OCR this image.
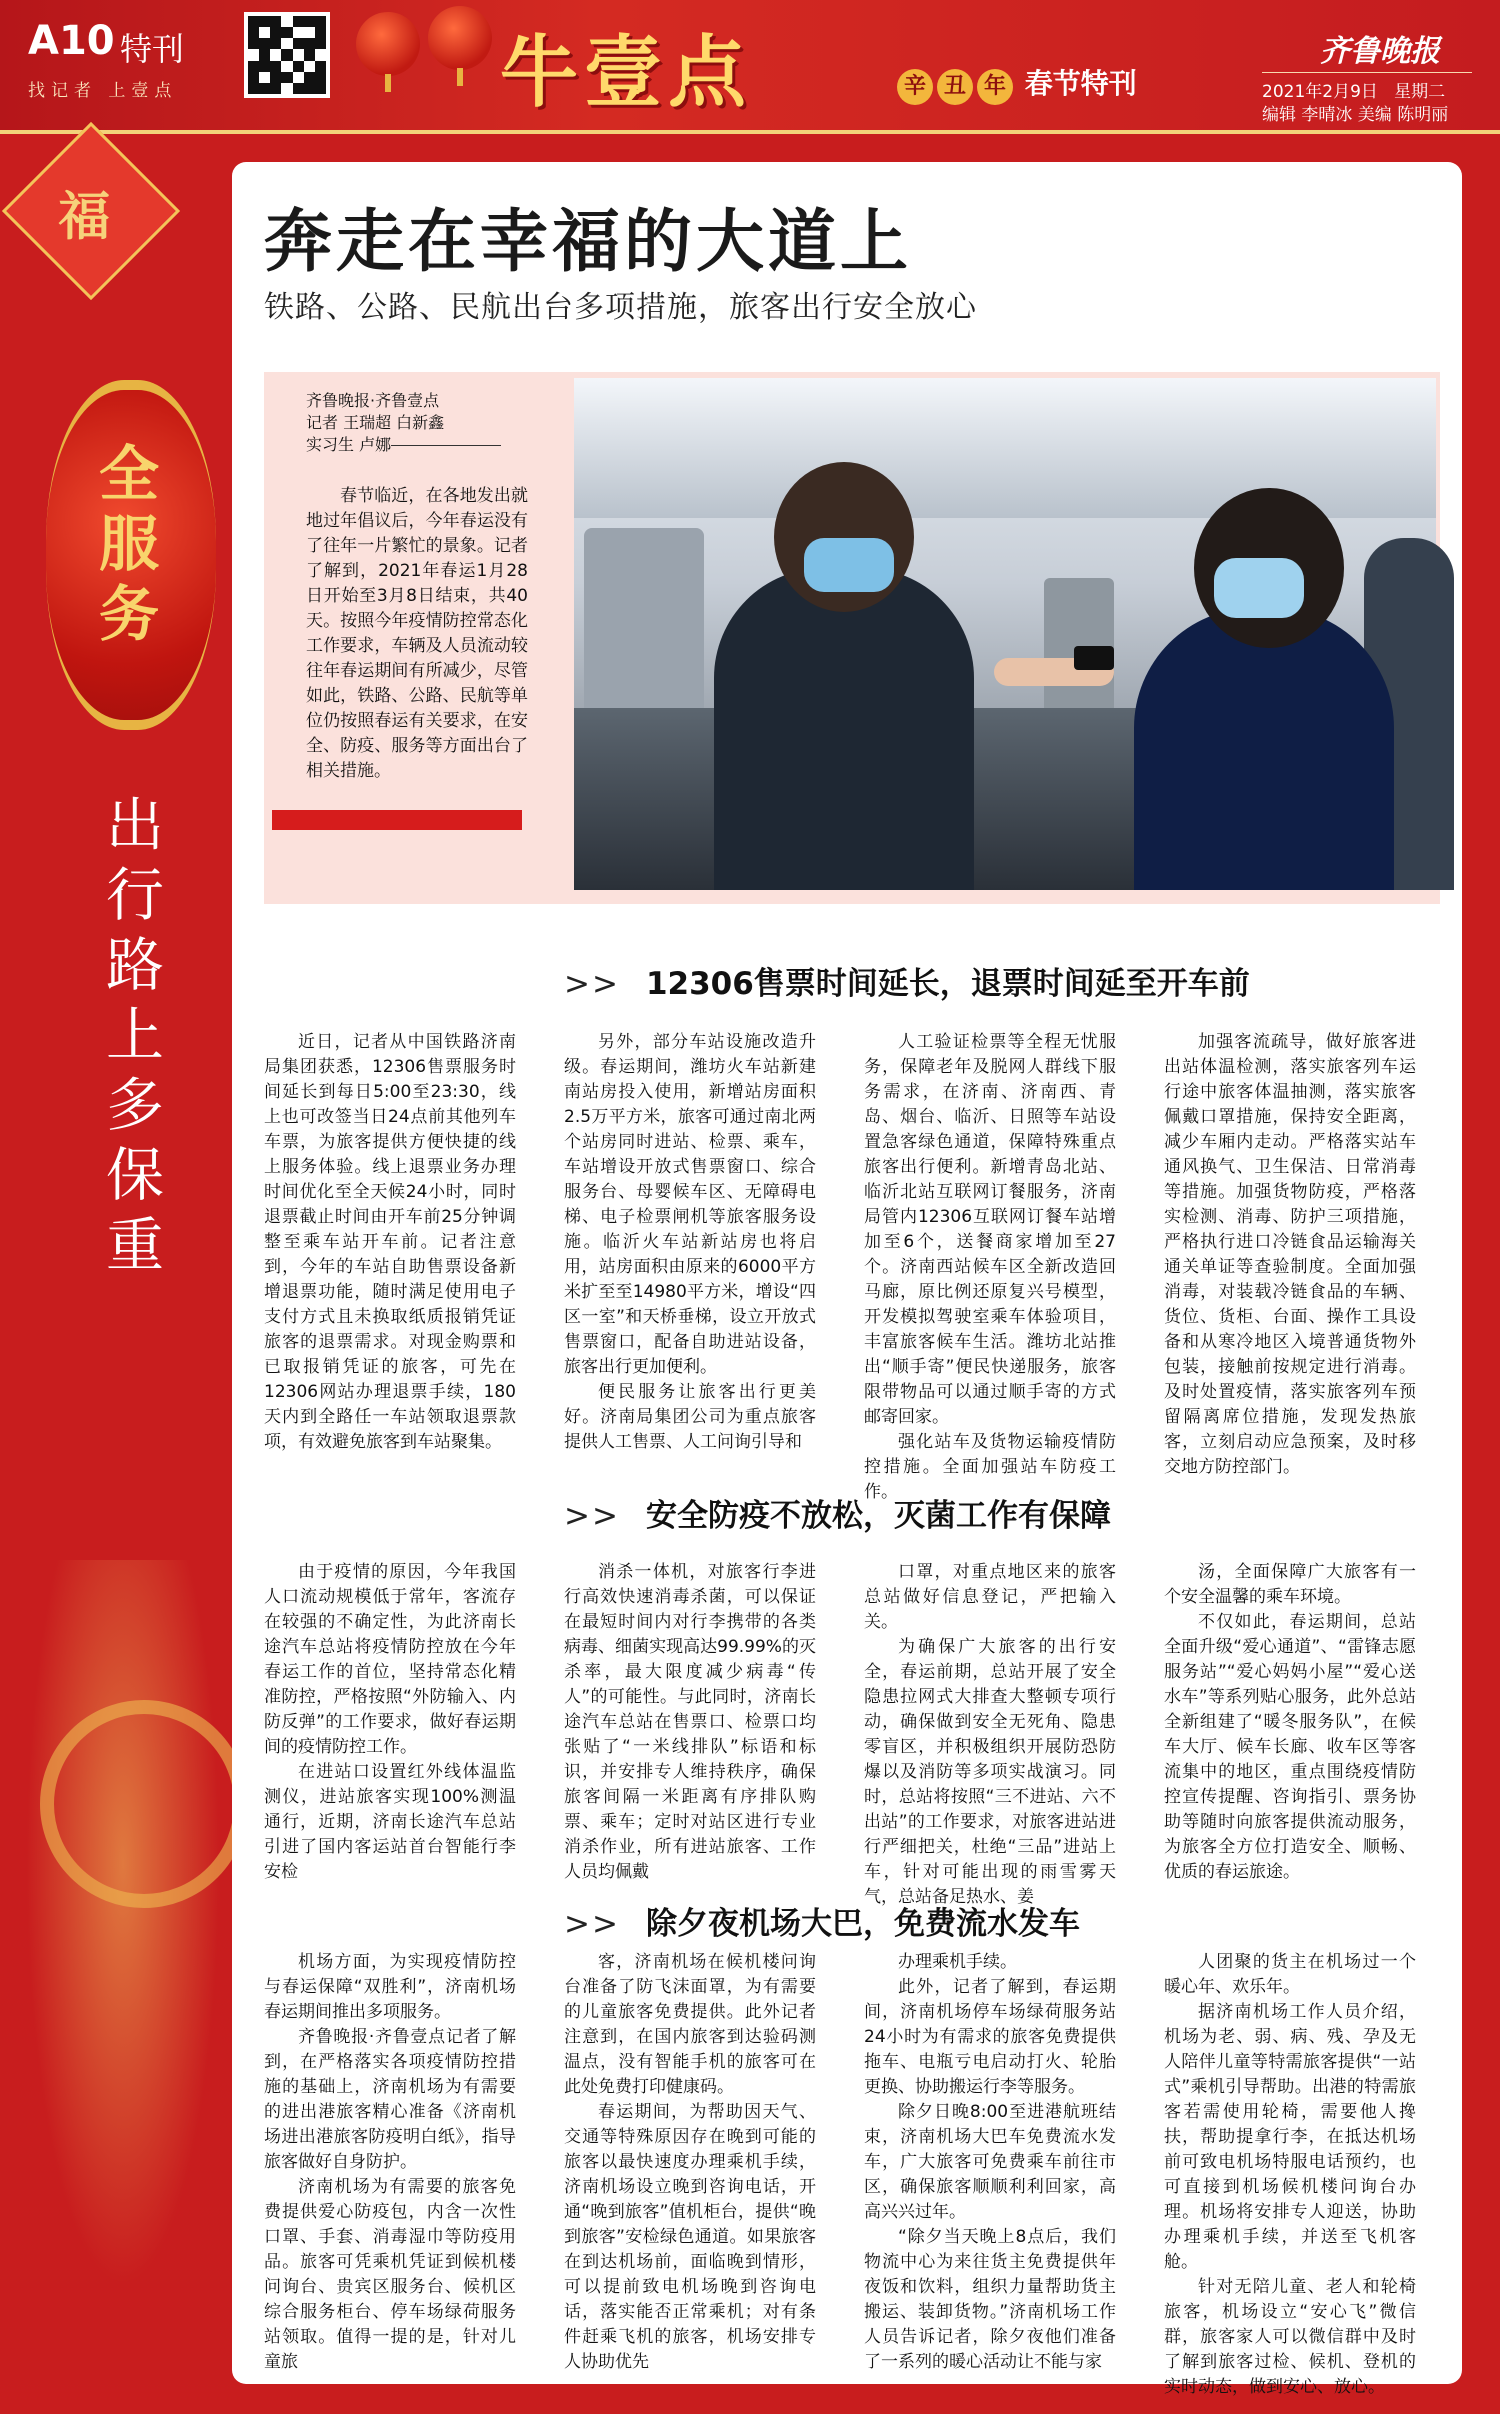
A10 特刊
找记者 上壹点	牛壹点	辛 丑 年 春节特刊
齐鲁晚报
2021年2月9日 星期二
编辑 李晴冰 美编 陈明丽
福
全服务
出行路上多保重
奔走在幸福的大道上
铁路、公路、民航出台多项措施，旅客出行安全放心
齐鲁晚报·齐鲁壹点
记者 王瑞超 白新鑫
实习生 卢娜

春节临近，在各地发出就地过年倡议后，今年春运没有了往年一片繁忙的景象。记者了解到，2021年春运1月28日开始至3月8日结束，共40天。按照今年疫情防控常态化工作要求，车辆及人员流动较往年春运期间有所减少，尽管如此，铁路、公路、民航等单位仍按照春运有关要求，在安全、防疫、服务等方面出台了相关措施。

>> 12306售票时间延长，退票时间延至开车前

近日，记者从中国铁路济南局集团获悉，12306售票服务时间延长到每日5:00至23:30，线上也可改签当日24点前其他列车车票，为旅客提供方便快捷的线上服务体验。线上退票业务办理时间优化至全天候24小时，同时退票截止时间由开车前25分钟调整至乘车站开车前。记者注意到，今年的车站自助售票设备新增退票功能，随时满足使用电子支付方式且未换取纸质报销凭证旅客的退票需求。对现金购票和已取报销凭证的旅客，可先在12306网站办理退票手续，180天内到全路任一车站领取退票款项，有效避免旅客到车站聚集。

另外，部分车站设施改造升级。春运期间，潍坊火车站新建南站房投入使用，新增站房面积2.5万平方米，旅客可通过南北两个站房同时进站、检票、乘车，车站增设开放式售票窗口、综合服务台、母婴候车区、无障碍电梯、电子检票闸机等旅客服务设施。临沂火车站新站房也将启用，站房面积由原来的6000平方米扩至至14980平方米，增设“四区一室”和天桥垂梯，设立开放式售票窗口，配备自助进站设备，旅客出行更加便利。

便民服务让旅客出行更美好。济南局集团公司为重点旅客提供人工售票、人工问询引导和

人工验证检票等全程无忧服务，保障老年及脱网人群线下服务需求，在济南、济南西、青岛、烟台、临沂、日照等车站设置急客绿色通道，保障特殊重点旅客出行便利。新增青岛北站、临沂北站互联网订餐服务，济南局管内12306互联网订餐车站增加至6个，送餐商家增加至27个。济南西站候车区全新改造回马廊，原比例还原复兴号模型，开发模拟驾驶室乘车体验项目，丰富旅客候车生活。潍坊北站推出“顺手寄”便民快递服务，旅客限带物品可以通过顺手寄的方式邮寄回家。

强化站车及货物运输疫情防控措施。全面加强站车防疫工作。

加强客流疏导，做好旅客进出站体温检测，落实旅客列车运行途中旅客体温抽测，落实旅客佩戴口罩措施，保持安全距离，减少车厢内走动。严格落实站车通风换气、卫生保洁、日常消毒等措施。加强货物防疫，严格落实检测、消毒、防护三项措施，严格执行进口冷链食品运输海关通关单证等查验制度。全面加强消毒，对装载冷链食品的车辆、货位、货柜、台面、操作工具设备和从寒冷地区入境普通货物外包装，接触前按规定进行消毒。及时处置疫情，落实旅客列车预留隔离席位措施，发现发热旅客，立刻启动应急预案，及时移交地方防控部门。

>> 安全防疫不放松，灭菌工作有保障

由于疫情的原因，今年我国人口流动规模低于常年，客流存在较强的不确定性，为此济南长途汽车总站将疫情防控放在今年春运工作的首位，坚持常态化精准防控，严格按照“外防输入、内防反弹”的工作要求，做好春运期间的疫情防控工作。

在进站口设置红外线体温监测仪，进站旅客实现100%测温通行，近期，济南长途汽车总站引进了国内客运站首台智能行李安检

消杀一体机，对旅客行李进行高效快速消毒杀菌，可以保证在最短时间内对行李携带的各类病毒、细菌实现高达99.99%的灭杀率，最大限度减少病毒“传人”的可能性。与此同时，济南长途汽车总站在售票口、检票口均张贴了“一米线排队”标语和标识，并安排专人维持秩序，确保旅客间隔一米距离有序排队购票、乘车；定时对站区进行专业消杀作业，所有进站旅客、工作人员均佩戴

口罩，对重点地区来的旅客总站做好信息登记，严把输入关。

为确保广大旅客的出行安全，春运前期，总站开展了安全隐患拉网式大排查大整顿专项行动，确保做到安全无死角、隐患零盲区，并积极组织开展防恐防爆以及消防等多项实战演习。同时，总站将按照“三不进站、六不出站”的工作要求，对旅客进站进行严细把关，杜绝“三品”进站上车，针对可能出现的雨雪雾天气，总站备足热水、姜

汤，全面保障广大旅客有一个安全温馨的乘车环境。

不仅如此，春运期间，总站全面升级“爱心通道”、“雷锋志愿服务站”“爱心妈妈小屋”“爱心送水车”等系列贴心服务，此外总站全新组建了“暖冬服务队”，在候车大厅、候车长廊、收车区等客流集中的地区，重点围绕疫情防控宣传提醒、咨询指引、票务协助等随时向旅客提供流动服务，为旅客全方位打造安全、顺畅、优质的春运旅途。

>> 除夕夜机场大巴，免费流水发车

机场方面，为实现疫情防控与春运保障“双胜利”，济南机场春运期间推出多项服务。

齐鲁晚报·齐鲁壹点记者了解到，在严格落实各项疫情防控措施的基础上，济南机场为有需要的进出港旅客精心准备《济南机场进出港旅客防疫明白纸》，指导旅客做好自身防护。

济南机场为有需要的旅客免费提供爱心防疫包，内含一次性口罩、手套、消毒湿巾等防疫用品。旅客可凭乘机凭证到候机楼问询台、贵宾区服务台、候机区综合服务柜台、停车场绿荷服务站领取。值得一提的是，针对儿童旅

客，济南机场在候机楼问询台准备了防飞沫面罩，为有需要的儿童旅客免费提供。此外记者注意到，在国内旅客到达验码测温点，没有智能手机的旅客可在此处免费打印健康码。

春运期间，为帮助因天气、交通等特殊原因存在晚到可能的旅客以最快速度办理乘机手续，济南机场设立晚到咨询电话，开通“晚到旅客”值机柜台，提供“晚到旅客”安检绿色通道。如果旅客在到达机场前，面临晚到情形，可以提前致电机场晚到咨询电话，落实能否正常乘机；对有条件赶乘飞机的旅客，机场安排专人协助优先

办理乘机手续。

此外，记者了解到，春运期间，济南机场停车场绿荷服务站24小时为有需求的旅客免费提供拖车、电瓶亏电启动打火、轮胎更换、协助搬运行李等服务。

除夕日晚8:00至进港航班结束，济南机场大巴车免费流水发车，广大旅客可免费乘车前往市区，确保旅客顺顺利利回家，高高兴兴过年。

“除夕当天晚上8点后，我们物流中心为来往货主免费提供年夜饭和饮料，组织力量帮助货主搬运、装卸货物。”济南机场工作人员告诉记者，除夕夜他们准备了一系列的暖心活动让不能与家

人团聚的货主在机场过一个暖心年、欢乐年。

据济南机场工作人员介绍，机场为老、弱、病、残、孕及无人陪伴儿童等特需旅客提供“一站式”乘机引导帮助。出港的特需旅客若需使用轮椅，需要他人搀扶，帮助提拿行李，在抵达机场前可致电机场特服电话预约，也可直接到机场候机楼问询台办理。机场将安排专人迎送，协助办理乘机手续，并送至飞机客舱。

针对无陪儿童、老人和轮椅旅客，机场设立“安心飞”微信群，旅客家人可以微信群中及时了解到旅客过检、候机、登机的实时动态，做到安心、放心。
